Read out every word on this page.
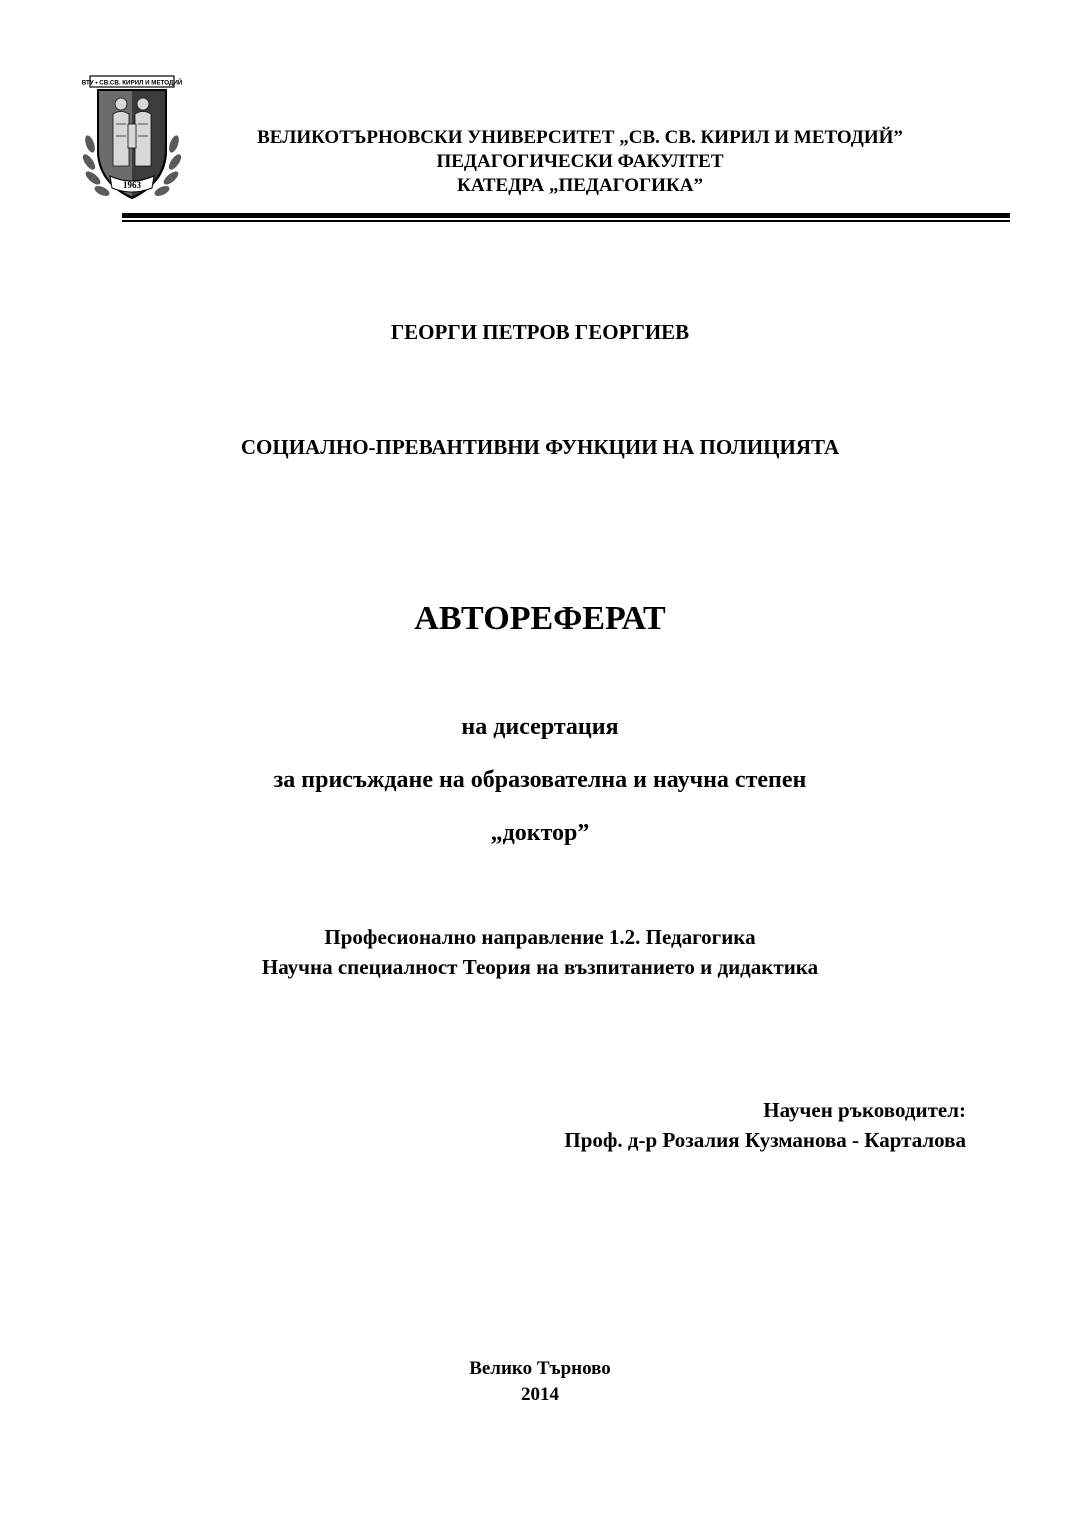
ВТУ • СВ.СВ. КИРИЛ И МЕТОДИЙ
1963
ВЕЛИКОТЪРНОВСКИ УНИВЕРСИТЕТ „СВ. СВ. КИРИЛ И МЕТОДИЙ”
ПЕДАГОГИЧЕСКИ ФАКУЛТЕТ
КАТЕДРА „ПЕДАГОГИКА”

ГЕОРГИ ПЕТРОВ ГЕОРГИЕВ

СОЦИАЛНО-ПРЕВАНТИВНИ ФУНКЦИИ НА ПОЛИЦИЯТА

АВТОРЕФЕРАТ

на дисертация

за присъждане на образователна и научна степен

„доктор”

Професионално направление 1.2. Педагогика

Научна специалност Теория на възпитанието и дидактика

Научен ръководител:

Проф. д-р Розалия Кузманова - Карталова

Велико Търново

2014
